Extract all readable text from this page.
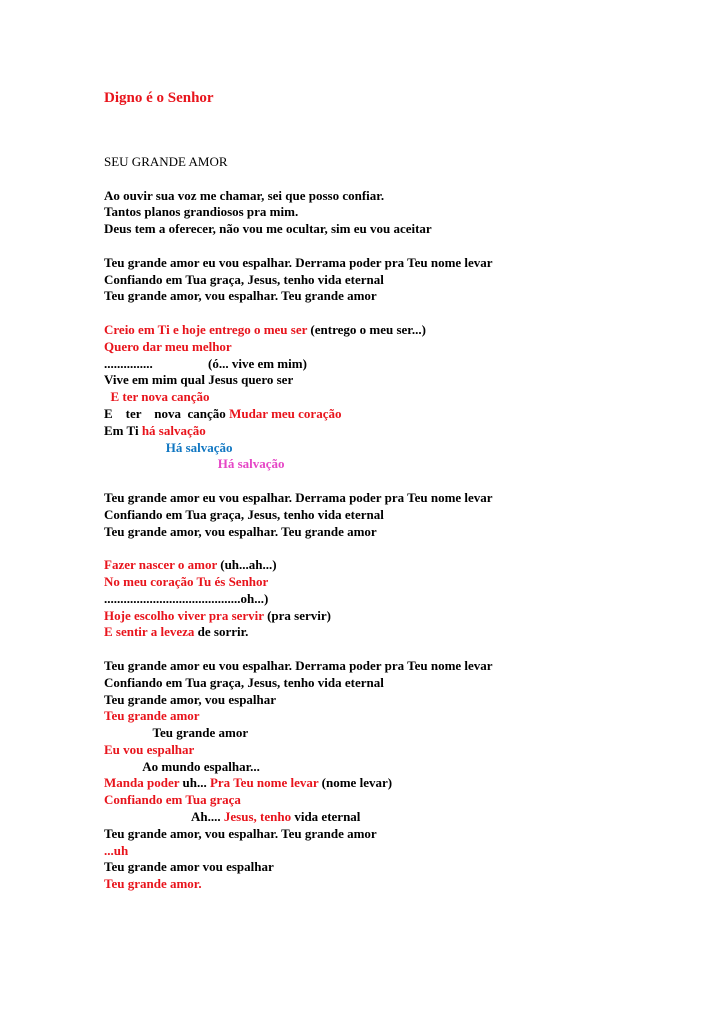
Digno é o Senhor
SEU GRANDE AMOR
Ao ouvir sua voz me chamar, sei que posso confiar.
Tantos planos grandiosos pra mim.
Deus tem a oferecer, não vou me ocultar, sim eu vou aceitar
Teu grande amor eu vou espalhar. Derrama poder pra Teu nome levar
Confiando em Tua graça, Jesus, tenho vida eternal
Teu grande amor, vou espalhar. Teu grande amor
Creio em Ti e hoje entrego o meu ser (entrego o meu ser...)
Quero dar meu melhor
...............                 (ó... vive em mim)
Vive em mim qual Jesus quero ser
E ter nova canção
E    ter    nova  canção Mudar meu coração
Em Ti há salvação
Há salvação
Há salvação
Teu grande amor eu vou espalhar. Derrama poder pra Teu nome levar
Confiando em Tua graça, Jesus, tenho vida eternal
Teu grande amor, vou espalhar. Teu grande amor
Fazer nascer o amor (uh...ah...)
No meu coração Tu és Senhor
..........................................oh...)
Hoje escolho viver pra servir (pra servir)
E sentir a leveza de sorrir.
Teu grande amor eu vou espalhar. Derrama poder pra Teu nome levar
Confiando em Tua graça, Jesus, tenho vida eternal
Teu grande amor, vou espalhar
Teu grande amor
Teu grande amor
Eu vou espalhar
Ao mundo espalhar...
Manda poder uh... Pra Teu nome levar (nome levar)
Confiando em Tua graça
Ah.... Jesus, tenho vida eternal
Teu grande amor, vou espalhar. Teu grande amor
...uh
Teu grande amor vou espalhar
Teu grande amor.
